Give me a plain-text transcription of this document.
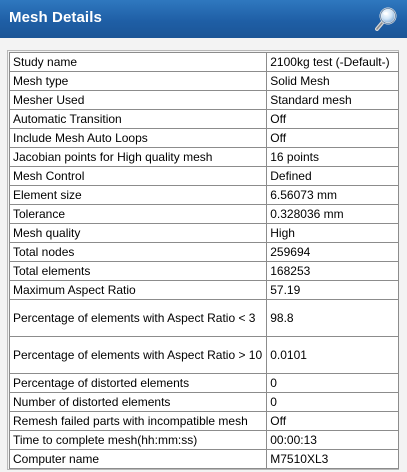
Mesh Details
Study name	2100kg test (-Default-)
Mesh type	Solid Mesh
Mesher Used	Standard mesh
Automatic Transition	Off
Include Mesh Auto Loops	Off
Jacobian points for High quality mesh	16 points
Mesh Control	Defined
Element size	6.56073 mm
Tolerance	0.328036 mm
Mesh quality	High
Total nodes	259694
Total elements	168253
Maximum Aspect Ratio	57.19
Percentage of elements with Aspect Ratio < 3	98.8
Percentage of elements with Aspect Ratio > 10	0.0101
Percentage of distorted elements	0
Number of distorted elements	0
Remesh failed parts with incompatible mesh	Off
Time to complete mesh(hh:mm:ss)	00:00:13
Computer name	M7510XL3
